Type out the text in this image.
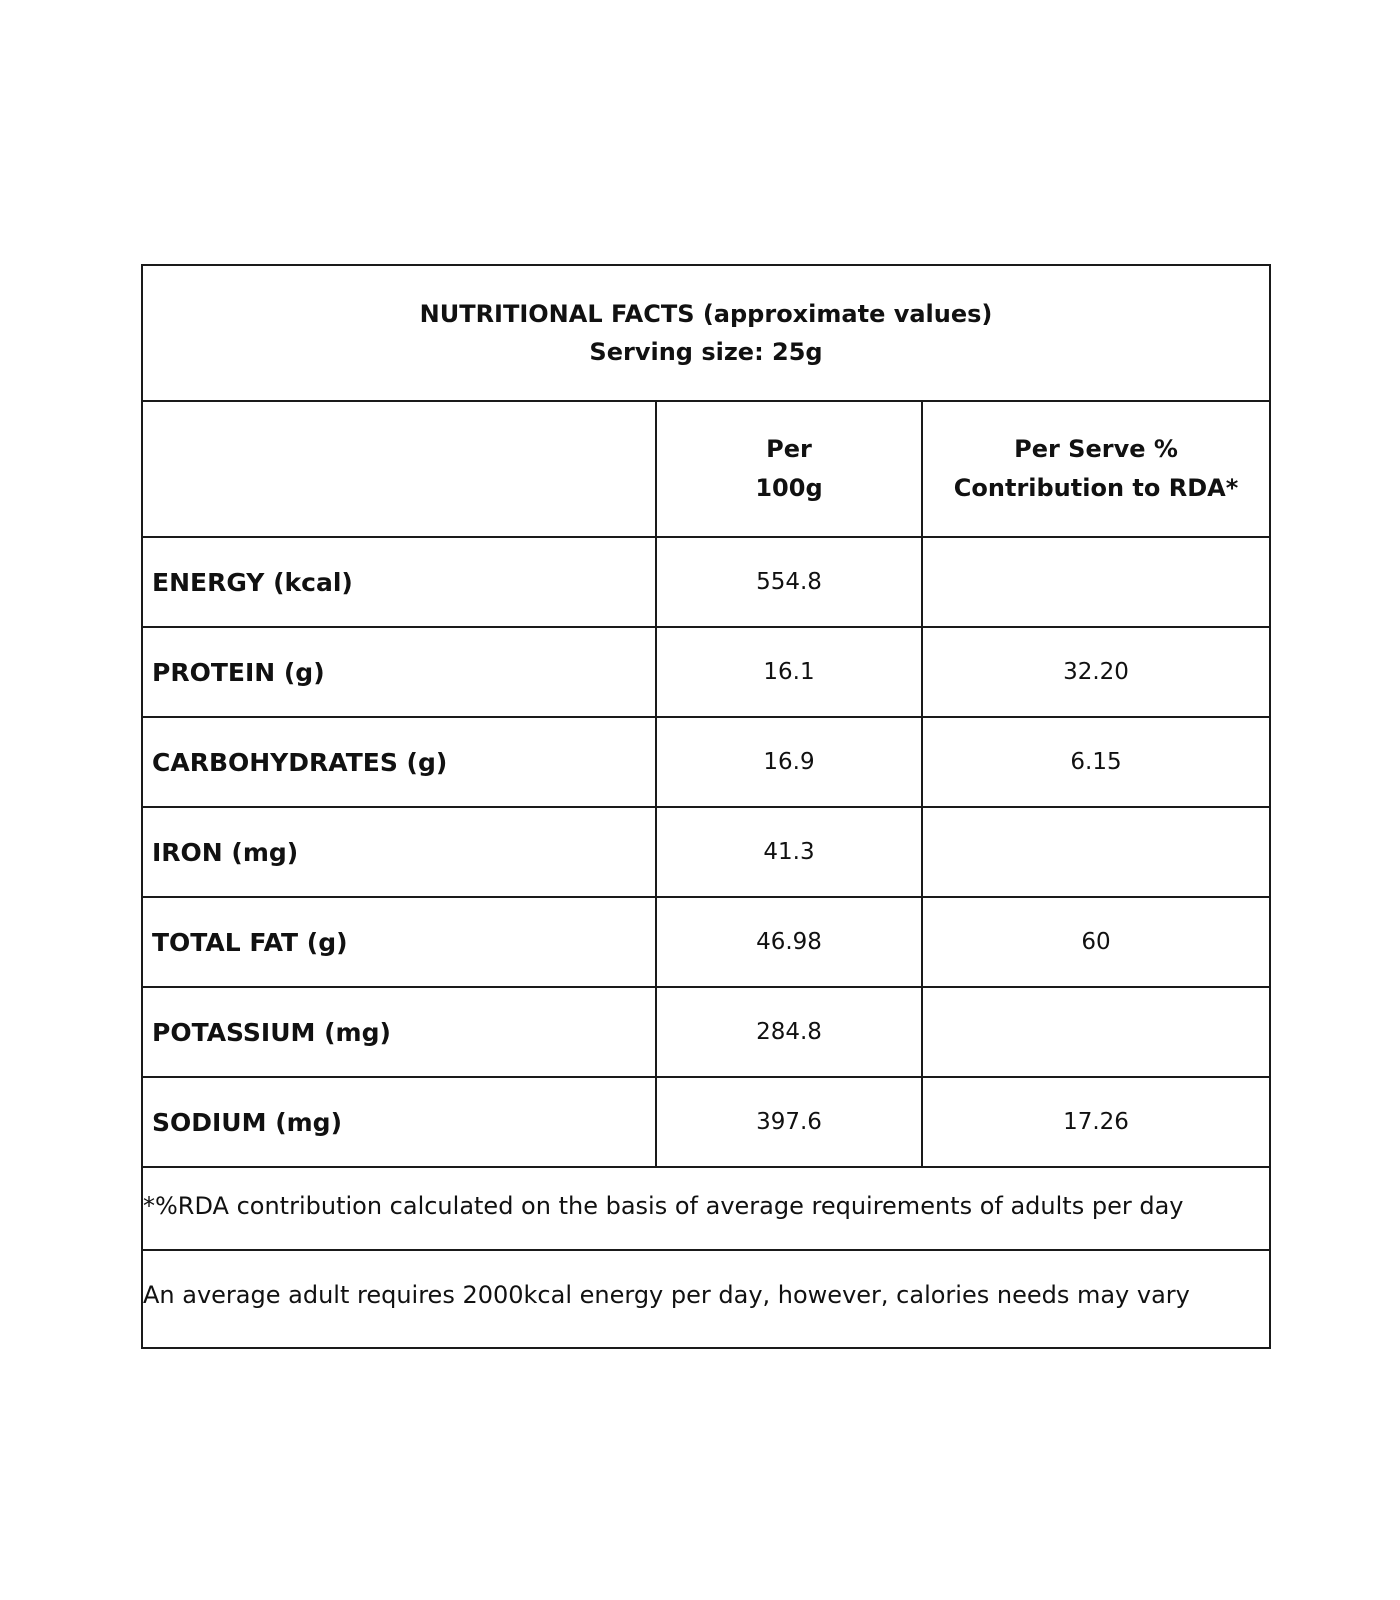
NUTRITIONAL FACTS (approximate values)
Serving size: 25g		

	Per
100g	Per Serve %
Contribution to RDA*

ENERGY (kcal)	554.8	
PROTEIN (g)	16.1	32.20
CARBOHYDRATES (g)	16.9	6.15
IRON (mg)	41.3	
TOTAL FAT (g)	46.98	60
POTASSIUM (mg)	284.8	
SODIUM (mg)	397.6	17.26
*%RDA contribution calculated on the basis of average requirements of adults per day		
An average adult requires 2000kcal energy per day, however, calories needs may vary		
